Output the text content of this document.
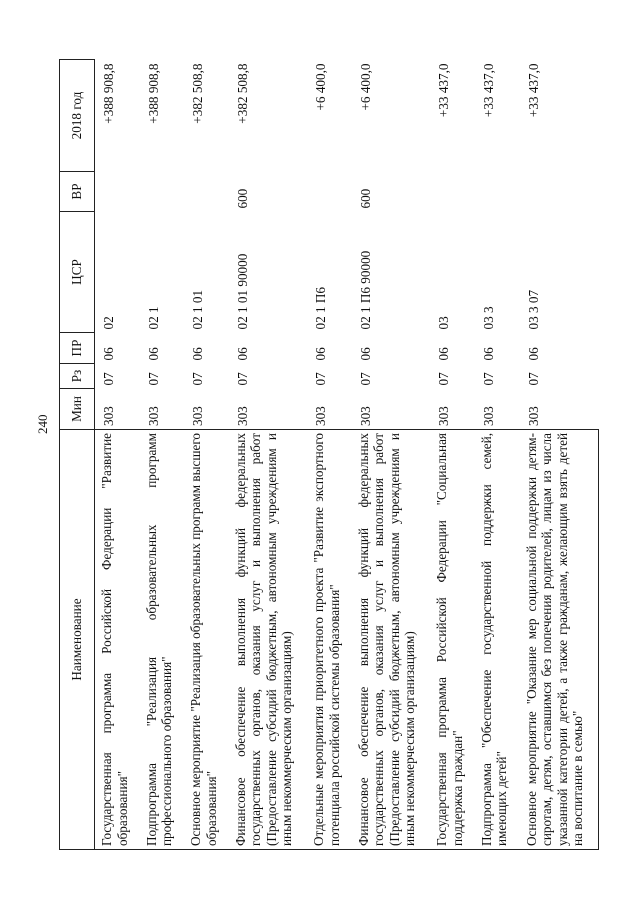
240
Наименование	Мин	Рз	ПР	ЦСР	ВР	2018 год
Государственная программа Российской Федерации "Развитие образования"	303	07	06	02		+388 908,8
Подпрограмма "Реализация образовательных программ профессионального образования"	303	07	06	02 1		+388 908,8
Основное мероприятие "Реализация образовательных программ высшего образования"	303	07	06	02 1 01		+382 508,8
Финансовое обеспечение выполнения функций федеральных государственных органов, оказания услуг и выполнения работ (Предоставление субсидий бюджетным, автономным учреждениям и иным некоммерческим организациям)	303	07	06	02 1 01 90000	600	+382 508,8
Отдельные мероприятия приоритетного проекта "Развитие экспортного потенциала российской системы образования"	303	07	06	02 1 П6		+6 400,0
Финансовое обеспечение выполнения функций федеральных государственных органов, оказания услуг и выполнения работ (Предоставление субсидий бюджетным, автономным учреждениям и иным некоммерческим организациям)	303	07	06	02 1 П6 90000	600	+6 400,0
Государственная программа Российской Федерации "Социальная поддержка граждан"	303	07	06	03		+33 437,0
Подпрограмма "Обеспечение государственной поддержки семей, имеющих детей"	303	07	06	03 3		+33 437,0
Основное мероприятие "Оказание мер социальной поддержки детям-сиротам, детям, оставшимся без попечения родителей, лицам из числа указанной категории детей, а также гражданам, желающим взять детей на воспитание в семью"	303	07	06	03 3 07		+33 437,0
